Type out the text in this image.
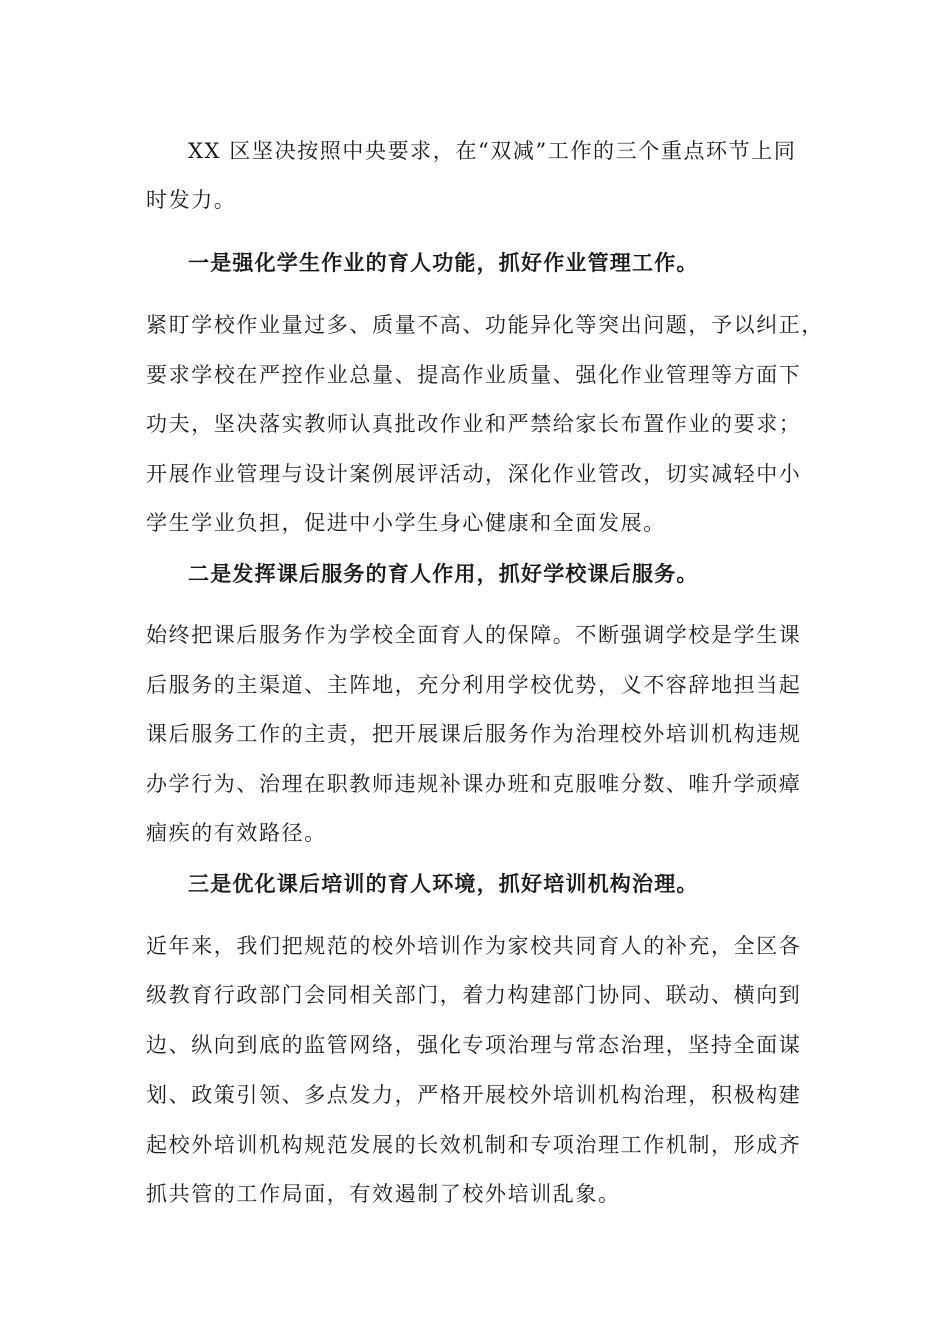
XX 区坚决按照中央要求，在“双减”工作的三个重点环节上同
时发力。
一是强化学生作业的育人功能，抓好作业管理工作。
紧盯学校作业量过多、质量不高、功能异化等突出问题，予以纠正，
要求学校在严控作业总量、提高作业质量、强化作业管理等方面下
功夫，坚决落实教师认真批改作业和严禁给家长布置作业的要求；
开展作业管理与设计案例展评活动，深化作业管改，切实减轻中小
学生学业负担，促进中小学生身心健康和全面发展。
二是发挥课后服务的育人作用，抓好学校课后服务。
始终把课后服务作为学校全面育人的保障。不断强调学校是学生课
后服务的主渠道、主阵地，充分利用学校优势，义不容辞地担当起
课后服务工作的主责，把开展课后服务作为治理校外培训机构违规
办学行为、治理在职教师违规补课办班和克服唯分数、唯升学顽瘴
痼疾的有效路径。
三是优化课后培训的育人环境，抓好培训机构治理。
近年来，我们把规范的校外培训作为家校共同育人的补充，全区各
级教育行政部门会同相关部门，着力构建部门协同、联动、横向到
边、纵向到底的监管网络，强化专项治理与常态治理，坚持全面谋
划、政策引领、多点发力，严格开展校外培训机构治理，积极构建
起校外培训机构规范发展的长效机制和专项治理工作机制，形成齐
抓共管的工作局面，有效遏制了校外培训乱象。
